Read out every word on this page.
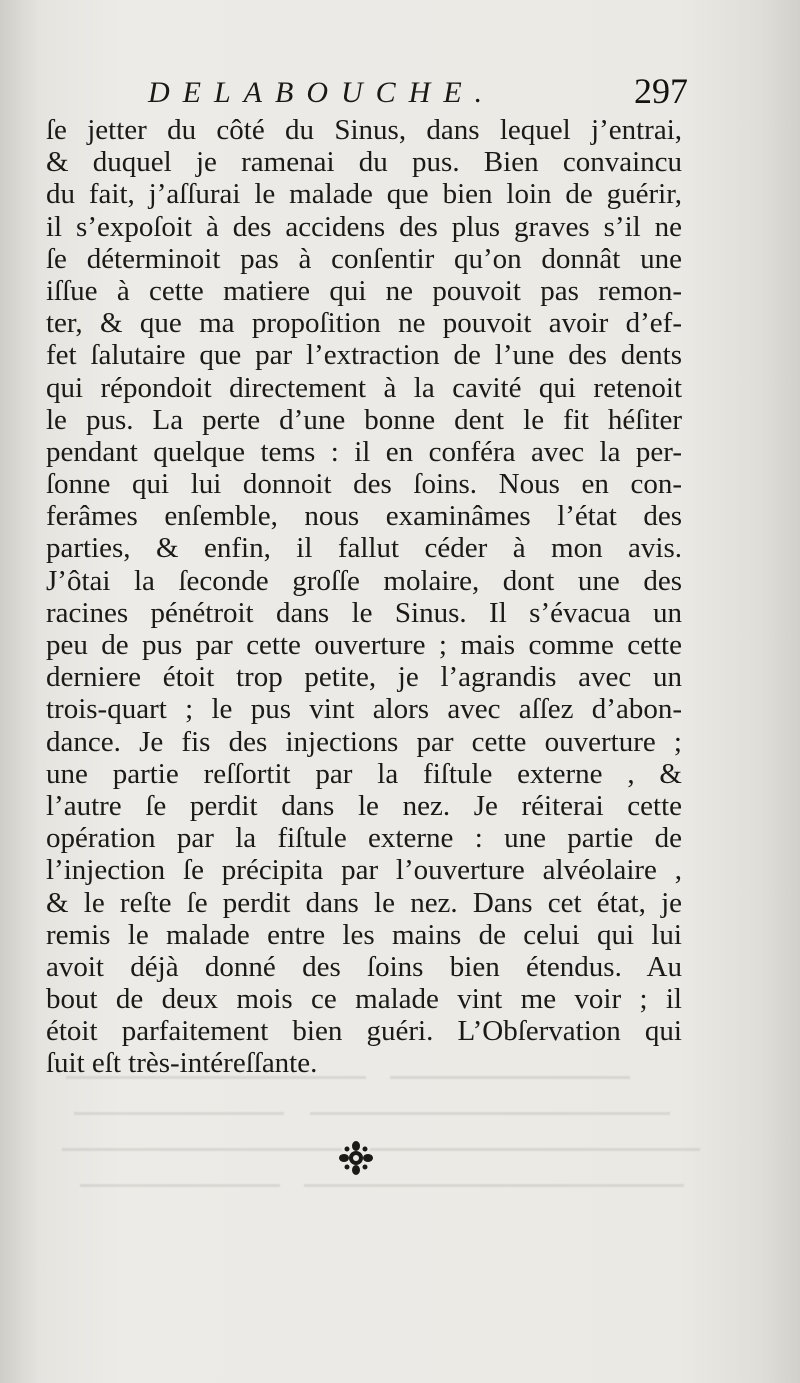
DELABOUCHE.	297
ſe jetter du côté du Sinus, dans lequel j’entrai,
& duquel je ramenai du pus. Bien convaincu
du fait, j’aſſurai le malade que bien loin de guérir,
il s’expoſoit à des accidens des plus graves s’il ne
ſe déterminoit pas à conſentir qu’on donnât une
iſſue à cette matiere qui ne pouvoit pas remon-
ter, & que ma propoſition ne pouvoit avoir d’ef-
fet ſalutaire que par l’extraction de l’une des dents
qui répondoit directement à la cavité qui retenoit
le pus. La perte d’une bonne dent le fit héſiter
pendant quelque tems : il en conféra avec la per-
ſonne qui lui donnoit des ſoins. Nous en con-
ferâmes enſemble, nous examinâmes l’état des
parties, & enfin, il fallut céder à mon avis.
J’ôtai la ſeconde groſſe molaire, dont une des
racines pénétroit dans le Sinus. Il s’évacua un
peu de pus par cette ouverture ; mais comme cette
derniere étoit trop petite, je l’agrandis avec un
trois-quart ; le pus vint alors avec aſſez d’abon-
dance. Je fis des injections par cette ouverture ;
une partie reſſortit par la fiſtule externe , &
l’autre ſe perdit dans le nez. Je réiterai cette
opération par la fiſtule externe : une partie de
l’injection ſe précipita par l’ouverture alvéolaire ,
& le reſte ſe perdit dans le nez. Dans cet état, je
remis le malade entre les mains de celui qui lui
avoit déjà donné des ſoins bien étendus. Au
bout de deux mois ce malade vint me voir ; il
étoit parfaitement bien guéri. L’Obſervation qui
ſuit eſt très-intéreſſante.
